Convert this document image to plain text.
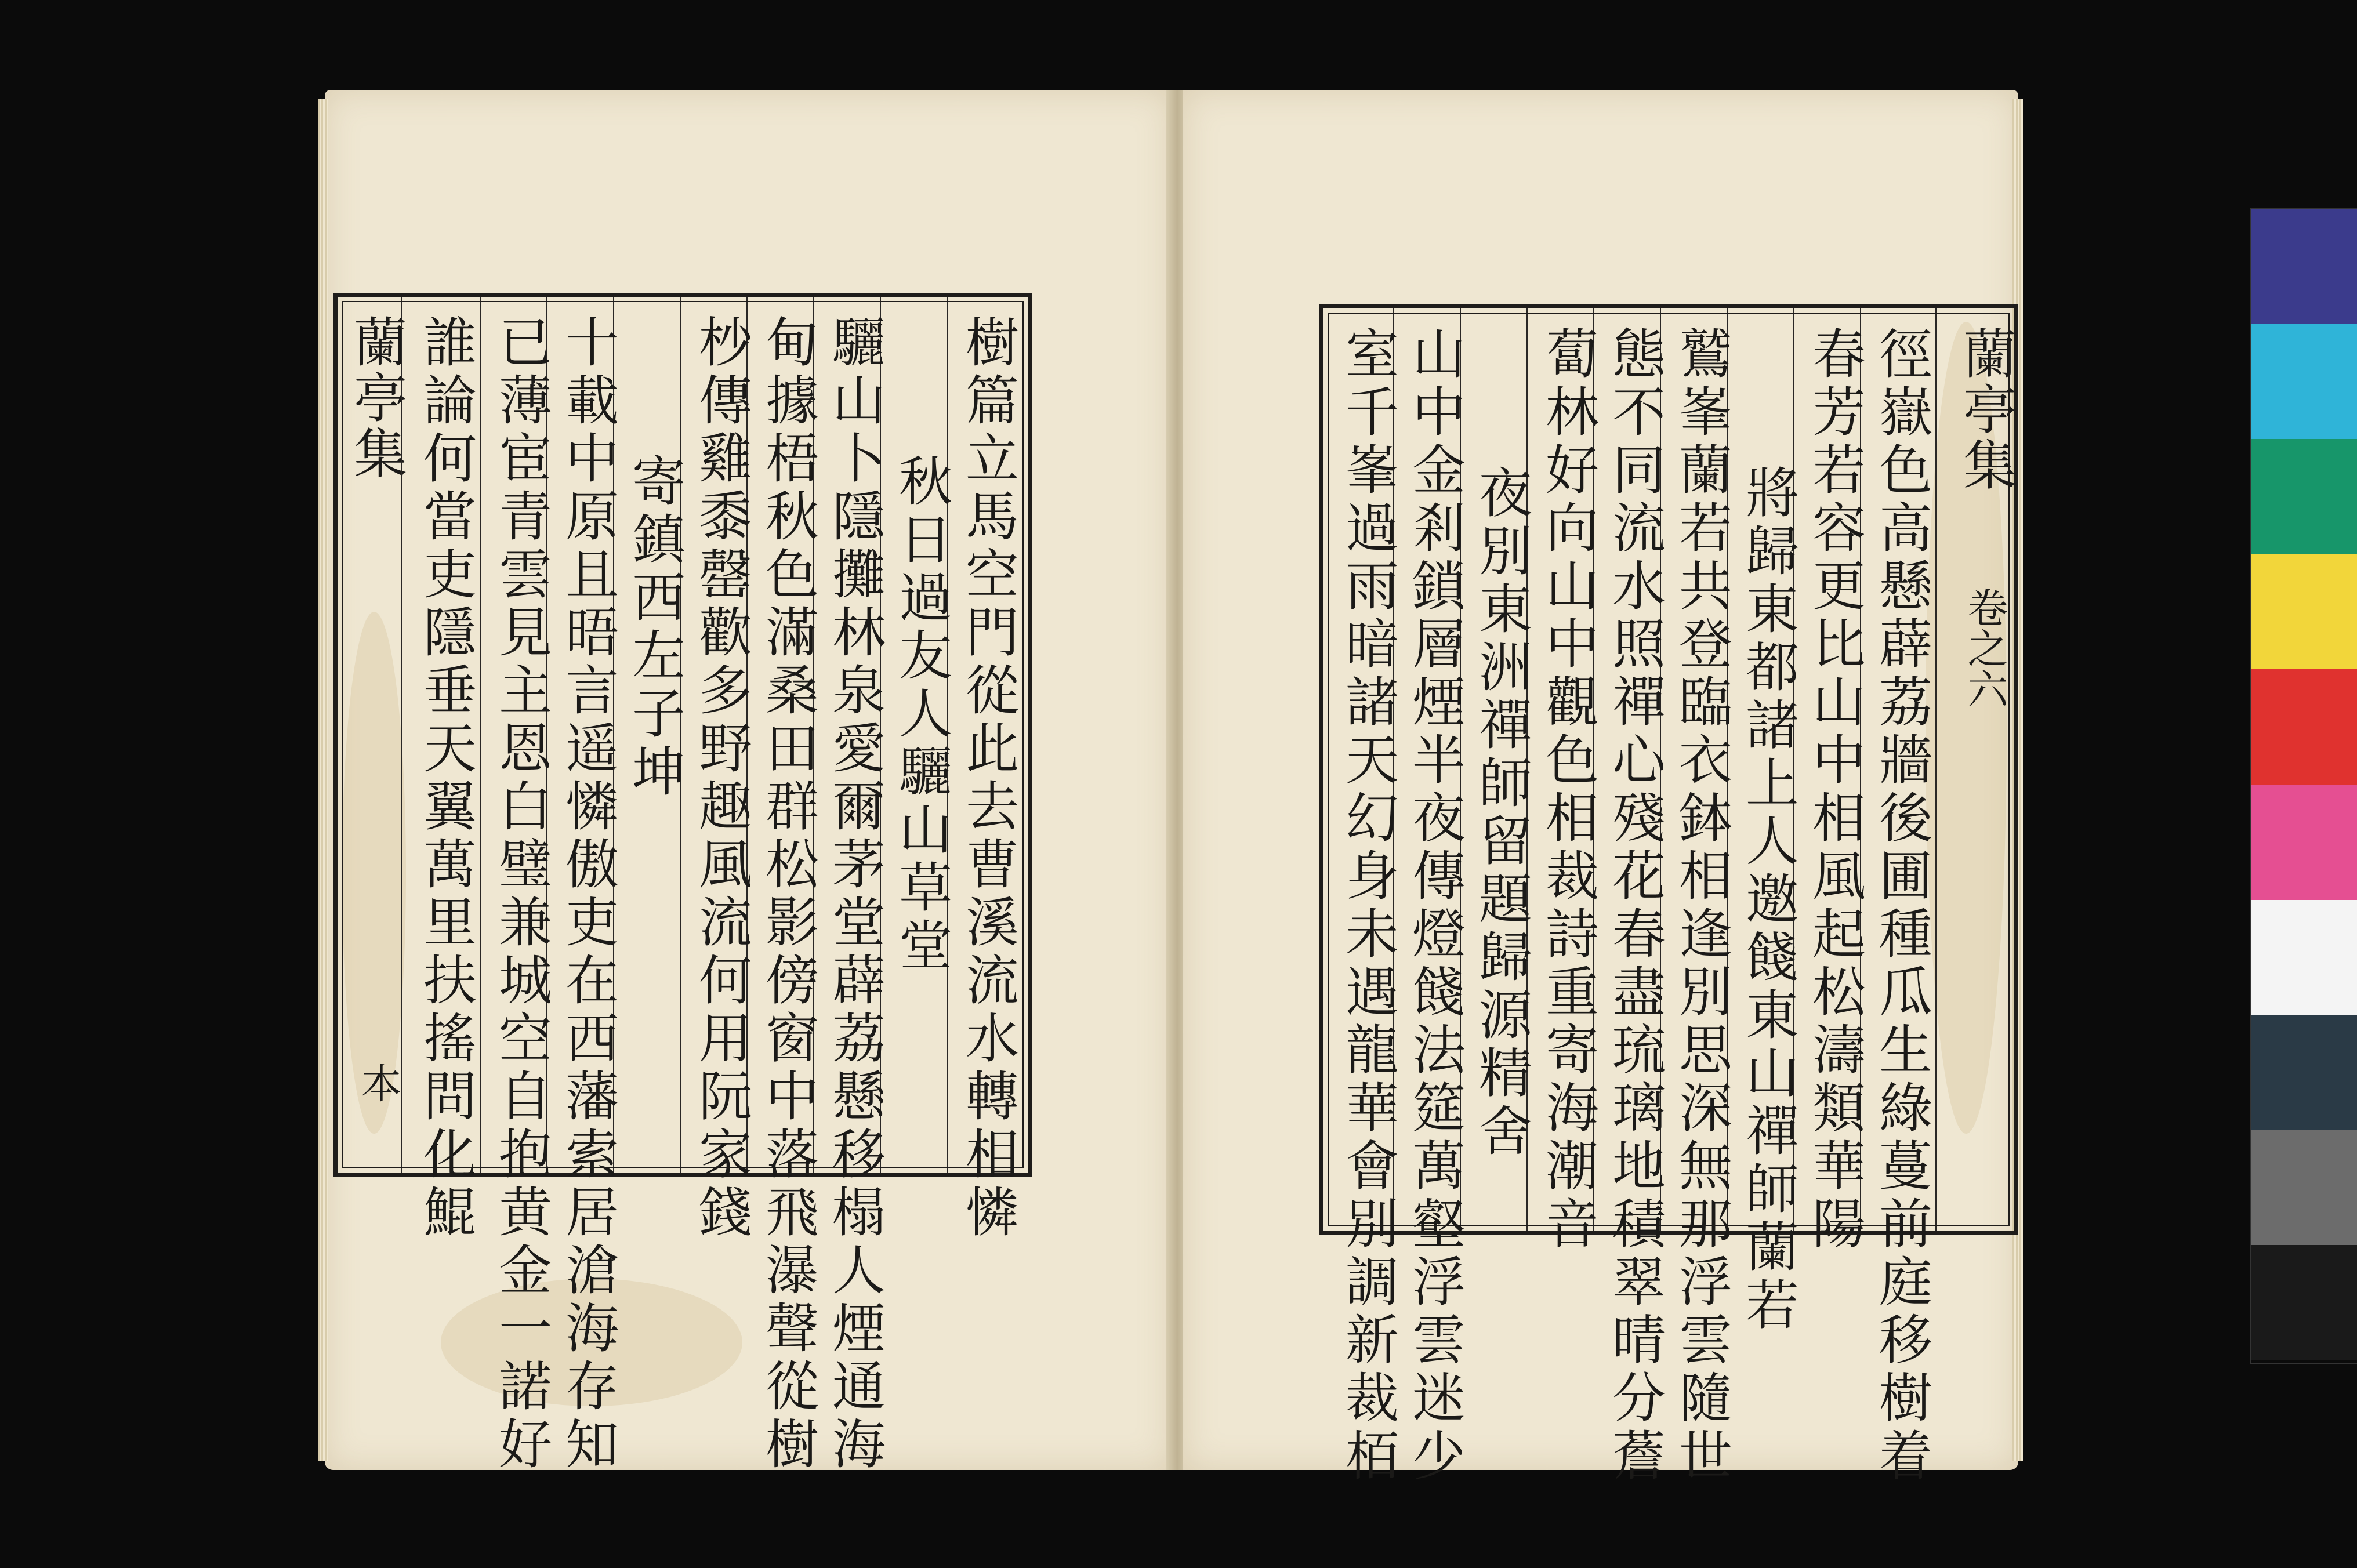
蘭亭集
本	樹篇立馬空門從此去曹溪流水轉相憐
秋日過友人驪山草堂
驪山卜隱攤林泉愛爾茅堂薜荔懸移榻人煙通海
甸據梧秋色滿桑田群松影傍窗中落飛瀑聲從樹
杪傳雞黍罄歡多野趣風流何用阮家錢
寄鎮西左子坤
十載中原且晤言遥憐傲吏在西藩索居滄海存知
已薄宦青雲見主恩白璧兼城空自抱黄金一諾好
誰論何當吏隱垂天翼萬里扶搖問化鯤	蘭亭集
卷之六
徑嶽色高懸薜荔牆後圃種瓜生綠蔓前庭移樹着
春芳若容更比山中相風起松濤類華陽
將歸東都諸上人邀餞東山禪師蘭若
鷲峯蘭若共登臨衣鉢相逢別思深無那浮雲隨世
態不同流水照禪心殘花春盡琉璃地積翠晴分薝
蔔林好向山中觀色相裁詩重寄海潮音
夜別東洲禪師留題歸源精舍
山中金剎鎖層煙半夜傳燈餞法筵萬壑浮雲迷少
室千峯過雨暗諸天幻身未遇龍華會別調新裁栢
